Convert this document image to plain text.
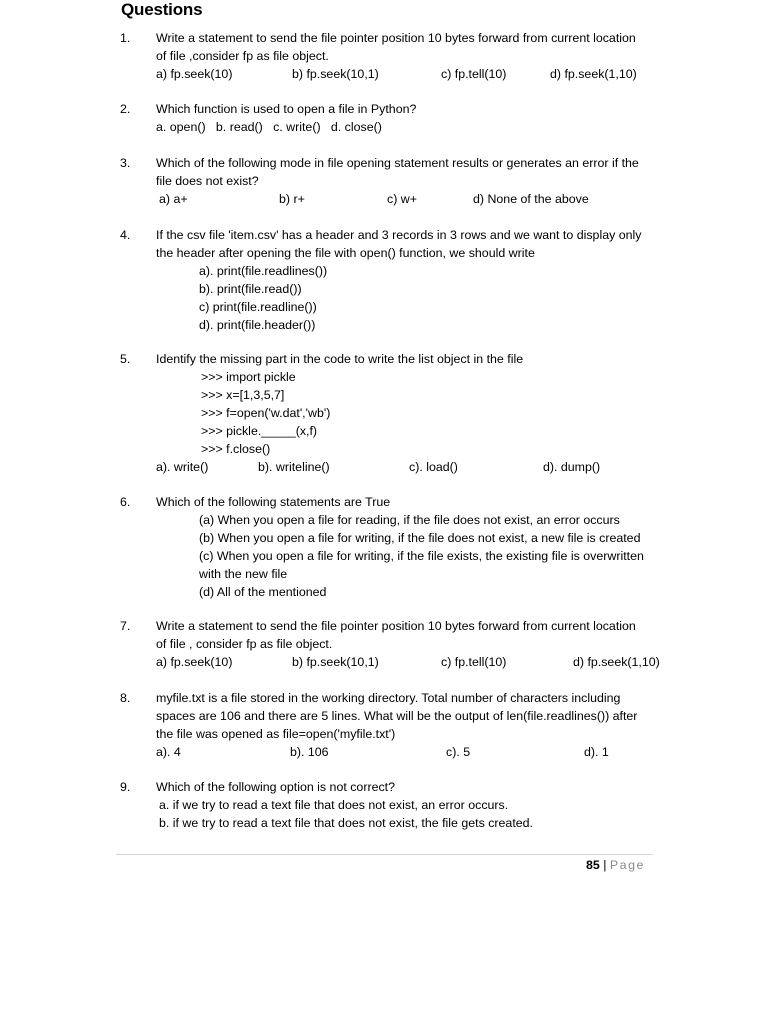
Questions
1. Write a statement to send the file pointer position 10 bytes forward from current location

of file ,consider fp as file object.

a) fp.seek(10)	b) fp.seek(10,1)	c) fp.tell(10)	d) fp.seek(1,10)
2. Which function is used to open a file in Python?

a. open()   b. read()   c. write()   d. close()

3. Which of the following mode in file opening statement results or generates an error if the

file does not exist?

a) a+	b) r+	c) w+	d) None of the above
4. If the csv file 'item.csv' has a header and 3 records in 3 rows and we want to display only

the header after opening the file with open() function, we should write

a). print(file.readlines())

b). print(file.read())

c) print(file.readline())

d). print(file.header())

5. Identify the missing part in the code to write the list object in the file

>>> import pickle

>>> x=[1,3,5,7]

>>> f=open('w.dat','wb')

>>> pickle._____(x,f)

>>> f.close()

a). write()	b). writeline()	c). load()	d). dump()
6. Which of the following statements are True

(a) When you open a file for reading, if the file does not exist, an error occurs

(b) When you open a file for writing, if the file does not exist, a new file is created

(c) When you open a file for writing, if the file exists, the existing file is overwritten

with the new file

(d) All of the mentioned

7. Write a statement to send the file pointer position 10 bytes forward from current location

of file , consider fp as file object.

a) fp.seek(10)	b) fp.seek(10,1)	c) fp.tell(10)	d) fp.seek(1,10)
8. myfile.txt is a file stored in the working directory. Total number of characters including

spaces are 106 and there are 5 lines. What will be the output of len(file.readlines()) after

the file was opened as file=open('myfile.txt')

a). 4	b). 106	c). 5	d). 1
9. Which of the following option is not correct?

a. if we try to read a text file that does not exist, an error occurs.

b. if we try to read a text file that does not exist, the file gets created.

85 | Page
